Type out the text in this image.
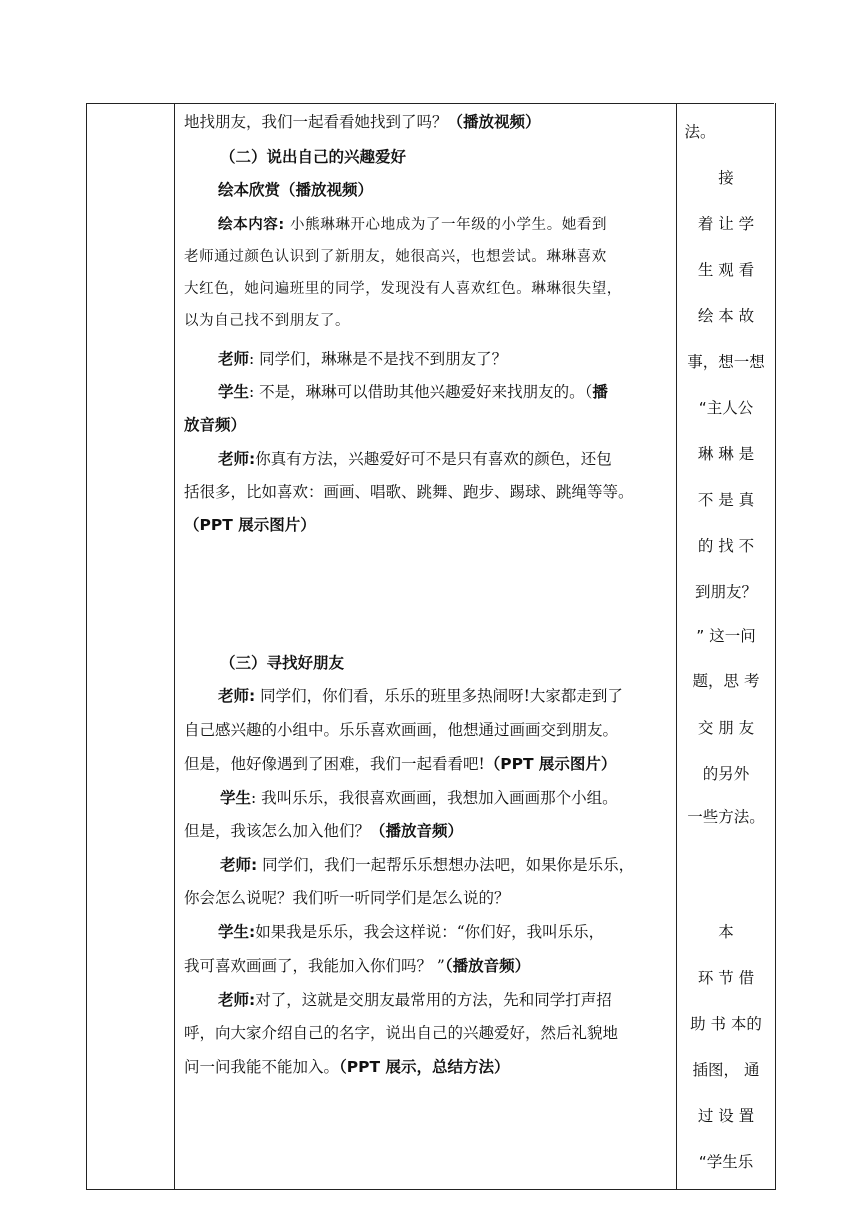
地找朋友，我们一起看看她找到了吗？（播放视频）
（二）说出自己的兴趣爱好
绘本欣赏（播放视频）
绘本内容: 小熊琳琳开心地成为了一年级的小学生。她看到
老师通过颜色认识到了新朋友，她很高兴，也想尝试。琳琳喜欢
大红色，她问遍班里的同学，发现没有人喜欢红色。琳琳很失望，
以为自己找不到朋友了。
老师: 同学们，琳琳是不是找不到朋友了？
学生: 不是，琳琳可以借助其他兴趣爱好来找朋友的。（播
放音频）
老师:你真有方法，兴趣爱好可不是只有喜欢的颜色，还包
括很多，比如喜欢：画画、唱歌、跳舞、跑步、踢球、跳绳等等。
（PPT 展示图片）
（三）寻找好朋友
老师: 同学们，你们看，乐乐的班里多热闹呀!大家都走到了
自己感兴趣的小组中。乐乐喜欢画画，他想通过画画交到朋友。
但是，他好像遇到了困难，我们一起看看吧!（PPT 展示图片）
学生: 我叫乐乐，我很喜欢画画，我想加入画画那个小组。
但是，我该怎么加入他们？（播放音频）
老师: 同学们，我们一起帮乐乐想想办法吧，如果你是乐乐，
你会怎么说呢？我们听一听同学们是怎么说的？
学生:如果我是乐乐，我会这样说：“你们好，我叫乐乐，
我可喜欢画画了，我能加入你们吗？ ”（播放音频）
老师:对了，这就是交朋友最常用的方法，先和同学打声招
呼，向大家介绍自己的名字，说出自己的兴趣爱好，然后礼貌地
问一问我能不能加入。（PPT 展示，总结方法）
法。
接
着 让 学
生 观 看
绘 本 故
事，想一想
“主人公
琳 琳 是
不 是 真
的 找 不
到朋友？
” 这一问
题，思 考
交 朋 友
的另外
一些方法。
本
环 节 借
助 书 本的
插图， 通
过 设 置
“学生乐
